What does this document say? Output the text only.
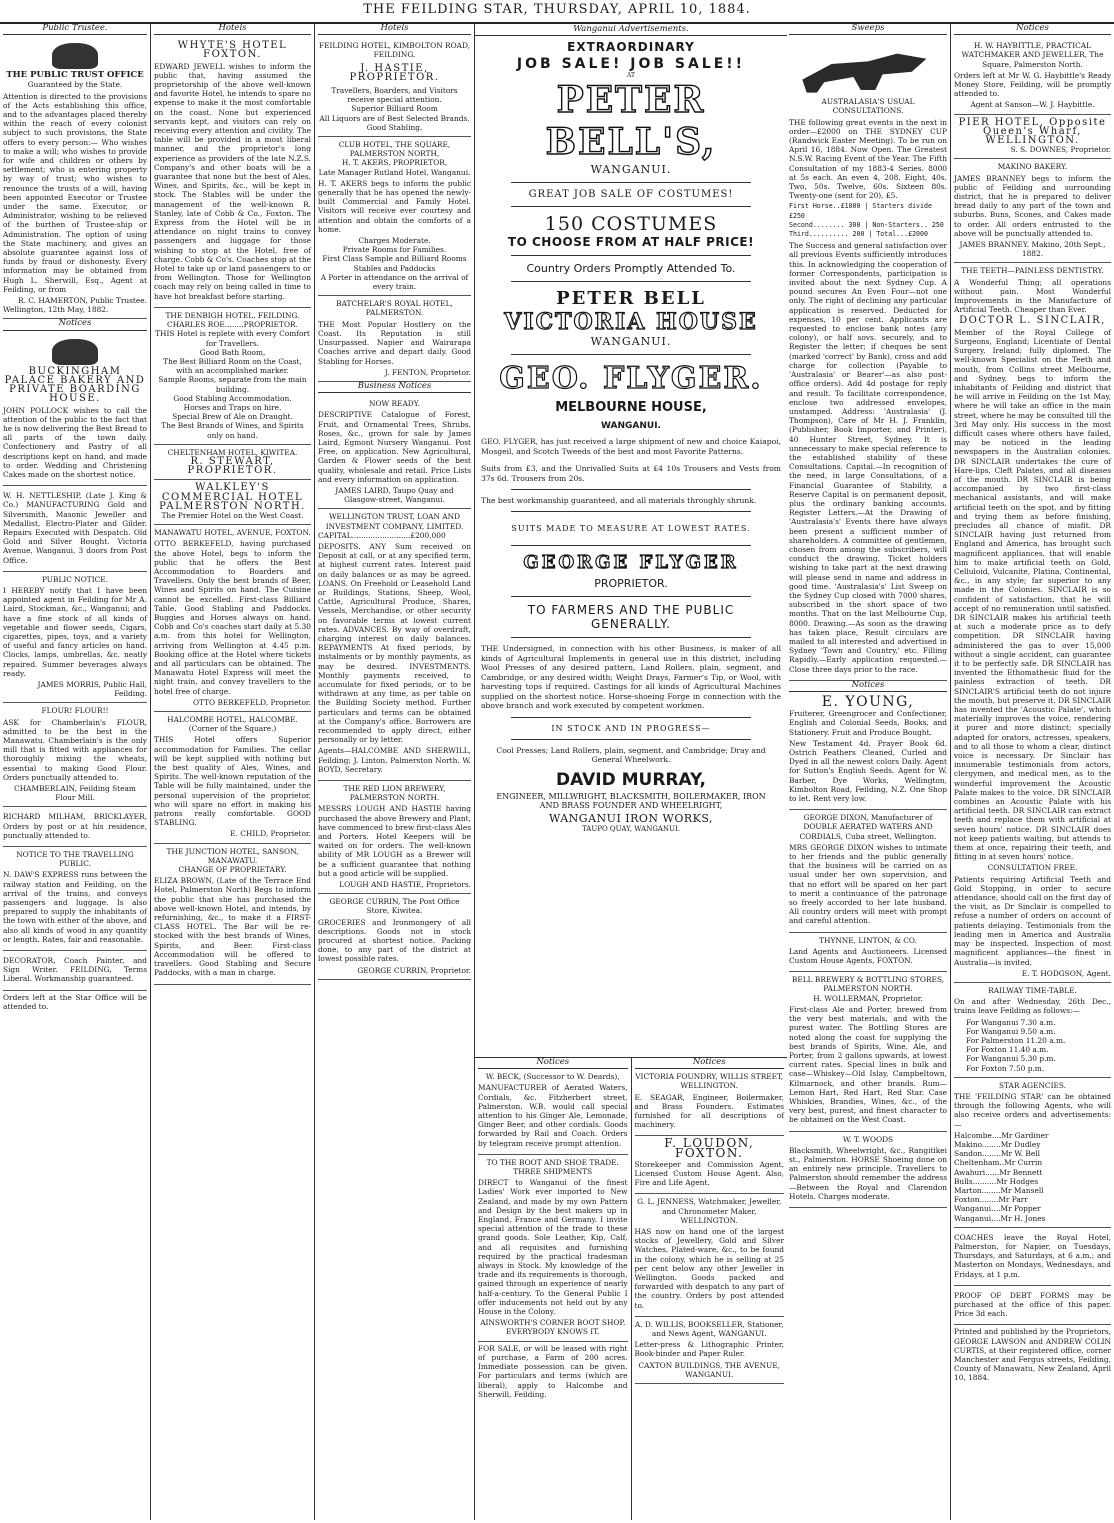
THE FEILDING STAR, THURSDAY, APRIL 10, 1884.
Public Trustee.
THE PUBLIC TRUST OFFICE
Guaranteed by the State.
Attention is directed to the provisions of the Acts establishing this office, and to the advantages placed thereby within the reach of every colonist subject to such provisions, the State offers to every person:— Who wishes to make a will; who wishes to provide for wife and children or others by settlement; who is entering property by way of trust; who wishes to renounce the trusts of a will, having been appointed Executor or Trustee under the same. Executor, or Administrator, wishing to be relieved of the burthen of Trustee-ship or Administration. The option of using the State machinery, and gives an absolute guarantee against loss of funds by fraud or dishonesty. Every information may be obtained from Hugh L. Sherwill, Esq., Agent at Feilding, or from
R. C. HAMERTON, Public Trustee.
Wellington, 12th May, 1882.
Notices
BUCKINGHAM PALACE BAKERY AND PRIVATE BOARDING HOUSE.
JOHN POLLOCK wishes to call the attention of the public to the fact that he is now delivering the Best Bread to all parts of the town daily. Confectionery and Pastry of all descriptions kept on hand, and made to order. Wedding and Christening Cakes made on the shortest notice.
W. H. NETTLESHIP, (Late J. King & Co.) MANUFACTURING Gold and Silversmith, Masonic Jeweller and Medallist, Electro-Plater and Gilder. Repairs Executed with Despatch. Old Gold and Silver Bought. Victoria Avenue, Wanganui, 3 doors from Post Office.
PUBLIC NOTICE.
I HEREBY notify that I have been appointed agent in Feilding for Mr A. Laird, Stockman, &c., Wanganui; and have a fine stock of all kinds of vegetable and flower seeds, Cigars, cigarettes, pipes, toys, and a variety of useful and fancy articles on hand. Clocks, lamps, umbrellas, &c. neatly repaired. Summer beverages always ready.
JAMES MORRIS, Public Hall, Feilding.
FLOUR! FLOUR!!
ASK for Chamberlain's FLOUR, admitted to be the best in the Manawatu. Chamberlain's is the only mill that is fitted with appliances for thoroughly mixing the wheats, essential to making Good Flour. Orders punctually attended to.
CHAMBERLAIN, Feilding Steam Flour Mill.
RICHARD MILHAM, BRICKLAYER, Orders by post or at his residence, punctually attended to.
NOTICE TO THE TRAVELLING PUBLIC.
N. DAW'S EXPRESS runs between the railway station and Feilding, on the arrival of the trains, and conveys passengers and luggage. Is also prepared to supply the inhabitants of the town with either of the above, and also all kinds of wood in any quantity or length. Rates, fair and reasonable.
DECORATOR, Coach Painter, and Sign Writer. FEILDING, Terms Liberal. Workmanship guaranteed.
Orders left at the Star Office will be attended to.
Hotels
WHYTE'S HOTEL FOXTON.
EDWARD JEWELL wishes to inform the public that, having assumed the proprietorship of the above well-known and favorite Hotel, he intends to spare no expense to make it the most comfortable on the coast. None but experienced servants kept, and visitors can rely on receiving every attention and civility. The table will be provided in a most liberal manner, and the proprietor's long experience as providers of the late N.Z.S. Company's and other boats will be a guarantee that none but the best of Ales, Wines, and Spirits, &c., will be kept in stock. The Stables will be under the management of the well-known R. Stanley, late of Cobb & Co., Foxton. The Express from the Hotel will be in attendance on night trains to convey passengers and luggage for those wishing to stop at the Hotel, free of charge. Cobb & Co's. Coaches stop at the Hotel to take up or land passengers to or from Wellington. Those for Wellington coach may rely on being called in time to have hot breakfast before starting.
THE DENBIGH HOTEL, FEILDING.
CHARLES ROE........PROPRIETOR.
THIS Hotel is replete with every Comfort for Travellers.
Good Bath Room,
The Best Billiard Room on the Coast, with an accomplished marker.
Sample Rooms, separate from the main building.
Good Stabling Accommodation.
Horses and Traps on hire.
Special Brew of Ale on Draught.
The Best Brands of Wines, and Spirits only on hand.
CHELTENHAM HOTEL, KIWITEA.
R. STEWART, PROPRIETOR.
WALKLEY'S COMMERCIAL HOTEL PALMERSTON NORTH.
The Premier Hotel on the West Coast.
MANAWATU HOTEL, AVENUE, FOXTON.
OTTO BERKEFELD, having purchased the above Hotel, begs to inform the public that he offers the Best Accommodation to Boarders and Travellers. Only the best brands of Beer, Wines and Spirits on hand. The Cuisine cannot be excelled. First-class Billiard Table. Good Stabling and Paddocks. Buggies and Horses always on hand. Cobb and Co's coaches start daily at 5.30 a.m. from this hotel for Wellington, arriving from Wellington at 4.45 p.m. Booking office at the Hotel where tickets and all particulars can be obtained. The Manawatu Hotel Express will meet the night train, and convey travellers to the hotel free of charge.
OTTO BERKEFELD, Proprietor.
HALCOMBE HOTEL, HALCOMBE. (Corner of the Square.)
THIS Hotel offers Superior accommodation for Families. The cellar will be kept supplied with nothing but the best quality of Ales, Wines, and Spirits. The well-known reputation of the Table will be fully maintained, under the personal supervision of the proprietor, who will spare no effort in making his patrons really comfortable. GOOD STABLING.
E. CHILD, Proprietor.
THE JUNCTION HOTEL, SANSON, MANAWATU.
CHANGE OF PROPRIETARY.
ELIZA BROWN, (Late of the Terrace End Hotel, Palmerston North) Begs to inform the public that she has purchased the above well-known Hotel, and intends, by refurnishing, &c., to make it a FIRST-CLASS HOTEL. The Bar will be re-stocked with the best brands of Wines, Spirits, and Beer. First-class Accommodation will be offered to travellers. Good Stabling and Secure Paddocks, with a man in charge.
Hotels
FEILDING HOTEL, KIMBOLTON ROAD, FEILDING.
J. HASTIE, PROPRIETOR.
Travellers, Boarders, and Visitors receive special attention.
Superior Billiard Room
All Liquors are of Best Selected Brands.
Good Stabling.
CLUB HOTEL, THE SQUARE, PALMERSTON NORTH,
H. T. AKERS, PROPRIETOR,
Late Manager Rutland Hotel, Wanganui.
H. T. AKERS begs to inform the public generally that he has opened the newly-built Commercial and Family Hotel. Visitors will receive ever courtesy and attention and obtain the comforts of a home.
Charges Moderate.
Private Rooms for Families.
First Class Sample and Billiard Rooms Stables and Paddocks
A Porter in attendance on the arrival of every train.
BATCHELAR'S ROYAL HOTEL, PALMERSTON.
THE Most Popular Hostlery on the Coast. Its Reputation is still Unsurpassed. Napier and Wairarapa Coaches arrive and depart daily. Good Stabling for Horses.
J. FENTON, Proprietor.
Business Notices
NOW READY.
DESCRIPTIVE Catalogue of Forest, Fruit, and Ornamental Trees, Shrubs, Roses, &c., grown for sale by James Laird, Egmont Nursery Wanganui. Post Free, on application. New Agricultural, Garden & Flower seeds of the best quality, wholesale and retail. Price Lists and every information on application.
JAMES LAIRD, Taupo Quay and Glasgow-street, Wanganui.
WELLINGTON TRUST, LOAN AND INVESTMENT COMPANY, LIMITED.
CAPITAL.........................£200,000
DEPOSITS. ANY Sum received on Deposit at call, or at any specified term, at highest current rates. Interest paid on daily balances or as may be agreed. LOANS. On Freehold or Leasehold Land or Buildings, Stations, Sheep, Wool, Cattle, Agricultural Produce, Shares, Vessels, Merchandise, or other security on favorable terms at lowest current rates. ADVANCES. By way of overdraft, charging interest on daily balances. REPAYMENTS At fixed periods, by instalments or by monthly payments, as may be desired. INVESTMENTS. Monthly payments received, to accumulate for fixed periods, or to be withdrawn at any time, as per table on the Building Society method. Further particulars and terms can be obtained at the Company's office. Borrowers are recommended to apply direct, either personally or by letter.
Agents—HALCOMBE AND SHERWILL, Feilding; J. Linton, Palmerston North. W. BOYD, Secretary.
THE RED LION BREWERY, PALMERSTON NORTH.
MESSRS LOUGH AND HASTIE having purchased the above Brewery and Plant, have commenced to brew first-class Ales and Porters. Hotel Keepers will be waited on for orders. The well-known ability of MR LOUGH as a Brewer will be a sufficient guarantee that nothing but a good article will be supplied.
LOUGH AND HASTIE, Proprietors.
GEORGE CURRIN, The Post Office Store, Kiwitea.
GROCERIES and Ironmongery of all descriptions. Goods not in stock procured at shortest notice. Packing done, to any part of the district at lowest possible rates.
GEORGE CURRIN, Proprietor.
Wanganui Advertisements.
EXTRAORDINARY
JOB SALE! JOB SALE!!
AT
PETER BELL'S,
WANGANUI.
GREAT JOB SALE OF COSTUMES!
150 COSTUMES
TO CHOOSE FROM AT HALF PRICE!
Country Orders Promptly Attended To.
PETER BELL
VICTORIA HOUSE
WANGANUI.
GEO. FLYGER.
MELBOURNE HOUSE,
WANGANUI.
GEO. FLYGER, has just received a large shipment of new and choice Kaiapoi, Mosgeil, and Scotch Tweeds of the best and most Favorite Patterns.
Suits from £3, and the Unrivalled Suits at £4 10s Trousers and Vests from 37s 6d. Trousers from 20s.
The best workmanship guaranteed, and all materials throughly shrunk.
SUITS MADE TO MEASURE AT LOWEST RATES.
GEORGE FLYGER
PROPRIETOR.
TO FARMERS AND THE PUBLIC GENERALLY.
THE Undersigned, in connection with his other Business, is maker of all kinds of Agricultural Implements in general use in this district, including Wool Presses of any desired pattern, Land Rollers, plain, segment, and Cambridge, or any desired width; Weight Drays, Farmer's Tip, or Wool, with harvesting tops if required. Castings for all kinds of Agricultural Machines supplied on the shortest notice. Horse-shoeing Forge in connection with the above branch and work executed by competent workmen.
IN STOCK AND IN PROGRESS—
Cool Presses; Land Rollers, plain, segment, and Cambridge; Dray and General Wheelwork.
DAVID MURRAY,
ENGINEER, MILLWRIGHT, BLACKSMITH, BOILERMAKER, IRON AND BRASS FOUNDER AND WHEELRIGHT,
WANGANUI IRON WORKS,
TAUPO QUAY, WANGANUI.
Notices
W. BECK, (Successor to W. Deards),
MANUFACTURER of Aerated Waters, Cordials, &c. Fitzherbert street, Palmerston. W.B. would call special attention to his Ginger Ale, Lemonade, Ginger Beer, and other cordials. Goods forwarded by Rail and Coach. Orders by telegram receive prompt attention.
TO THE BOOT AND SHOE TRADE.
THREE SHIPMENTS
DIRECT to Wanganui of the finest Ladies' Work ever imported to New Zealand, and made by my own Pattern and Design by the best makers up in England, France and Germany. I invite special attention of the trade to these grand goods. Sole Leather, Kip, Calf, and all requisites and furnishing required by the practical tradesman always in Stock. My knowledge of the trade and its requirements is thorough, gained through an experience of nearly half-a-century. To the General Public I offer inducements not held out by any House in the Colony.
AINSWORTH'S CORNER BOOT SHOP. EVERYBODY KNOWS IT.
FOR SALE, or will be leased with right of purchase, a Farm of 200 acres. Immediate possession can be given. For particulars and terms (which are liberal), apply to Halcombe and Sherwill, Feilding.
Notices
VICTORIA FOUNDRY, WILLIS STREET, WELLINGTON.
E. SEAGAR, Engineer, Boilermaker, and Brass Founders. Estimates furnished for all descriptions of machinery.
F. LOUDON, FOXTON.
Storekeeper and Commission Agent, Licensed Custom House Agent. Also, Fire and Life Agent.
G. L. JENNESS, Watchmaker, Jeweller, and Chronometer Maker, WELLINGTON.
HAS now on hand one of the largest stocks of Jewellery, Gold and Silver Watches, Plated-ware, &c., to be found in the colony, which he is selling at 25 per cent below any other Jeweller in Wellington. Goods packed and forwarded with despatch to any part of the country. Orders by post attended to.
A. D. WILLIS, BOOKSELLER, Stationer, and News Agent, WANGANUI.
Letter-press & Lithographic Printer, Book-binder and Paper Ruler.
CAXTON BUILDINGS, THE AVENUE, WANGANUI.
Sweeps
AUSTRALASIA'S USUAL CONSULTATIONS.
THE following great events in the next in order—£2000 on THE SYDNEY CUP (Randwick Easter Meeting). To be run on April 16, 1884. Now Open. The Greatest N.S.W. Racing Event of the Year. The Fifth Consultation of my 1883-4 Series. 8000 at 5s each. An even 4, 208. Eight, 40s. Two, 50s. Twelve, 60s. Sixteen 80s. Twenty-one (sent for 20), £5.
First Horse..£1000 | Starters divide £250
Second........ 300 | Non-Starters.. 250
Third.......... 200 | Total...£2000
The Success and general satisfaction over all previous Events sufficiently introduces this. In acknowledging the cooperation of former Correspondents, participation is invited about the next Sydney Cup. A pound secures An Even Four—not one only. The right of declining any particular application is reserved. Deducted for expenses, 10 per cent. Applicants are requested to enclose bank notes (any colony), or half sovs. securely, and to Register the letter; if cheques be sent (marked 'correct' by Bank), cross and add charge for collection (Payable to 'Australasia' or Bearer'—as also post-office orders). Add 4d postage for reply and result. To facilitate correspondence, enclose two addressed envelopes, unstamped. Address: 'Australasia' (J. Thompson), Care of Mr H. J. Franklin, (Publisher, Book Importer, and Printer), 40 Hunter Street, Sydney. It is unnecessary to make special reference to the established stability of these Consultations. Capital.—In recognition of the need, in large Consultations, of a Financial Guarantee of Stability, a Reserve Capital is on permanent deposit, plus the ordinary banking accounts. Register Letters.—At the Drawing of 'Australasia's' Events there have always been present a sufficient number of shareholders. A committee of gentlemen, chosen from among the subscribers, will conduct the drawing. Ticket holders wishing to take part at the next drawing will please send in name and address in good time. 'Australasia's' List Sweep on the Sydney Cup closed with 7000 shares, subscribed in the short space of two months. That on the last Melbourne Cup, 8000. Drawing.—As soon as the drawing has taken place, Result circulars are mailed to all interested and advertised in Sydney 'Town and Country,' etc. Filling Rapidly.—Early application requested.—Close three days prior to the race.
Notices
E. YOUNG,
Fruiterer, Greengrocer and Confectioner, English and Colonial Seeds, Books, and Stationery. Fruit and Produce Bought.
New Testament 4d, Prayer Book 6d. Ostrich Feathers Cleaned, Curled and Dyed in all the newest colors Daily. Agent for Sutton's English Seeds. Agent for W. Barber, Dye Works, Wellington, Kimbolton Road, Feilding, N.Z. One Shop to let. Rent very low.
GEORGE DIXON, Manufacturer of DOUBLE AERATED WATERS AND CORDIALS, Cuba street, Wellington.
MRS GEORGE DIXON wishes to intimate to her friends and the public generally that the business will be carried on as usual under her own supervision, and that no effort will be spared on her part to merit a continuance of the patronage so freely accorded to her late husband. All country orders will meet with prompt and careful attention.
THYNNE, LINTON, & CO.
Land Agents and Auctioneers. Licensed Custom House Agents, FOXTON.
BELL BREWERY & BOTTLING STORES, PALMERSTON NORTH.
H. WOLLERMAN, Proprietor.
First-class Ale and Porter, brewed from the very best materials, and with the purest water. The Bottling Stores are noted along the coast for supplying the best brands of Spirits, Wine, Ale, and Porter, from 2 gallons upwards, at lowest current rates. Special lines in bulk and case—Whiskey—Old Islay, Campbeltown, Kilmarnock, and other brands. Rum—Lemon Hart, Red Hart, Red Star. Case Whiskies, Brandies, Wines, &c., of the very best, purest, and finest character to be obtained on the West Coast.
W. T. WOODS
Blacksmith, Wheelwright, &c., Rangitikei st., Palmerston. HORSE Shoeing done on an entirely new principle. Travellers to Palmerston should remember the address—Between the Royal and Clarendon Hotels. Charges moderate.
Notices
H. W. HAYBITTLE, PRACTICAL WATCHMAKER AND JEWELLER, The Square, Palmerston North.
Orders left at Mr W. G. Haybittle's Ready Money Store, Feilding, will be promptly attended to.
Agent at Sanson—W. J. Haybittle.
PIER HOTEL, Opposite Queen's Wharf, WELLINGTON.
S. S. DOWNES, Proprietor.
MAKINO BAKERY.
JAMES BRANNEY begs to inform the public of Feilding and surrounding district, that he is prepared to deliver bread daily to any part of the town and suburbs. Buns, Scones, and Cakes made to order. All orders entrusted to the above will be punctually attended to.
JAMES BRANNEY. Makino, 20th Sept., 1882.
THE TEETH—PAINLESS DENTISTRY.
A Wonderful Thing; all operations without pain. Most Wonderful Improvements in the Manufacture of Artificial Teeth. Cheaper than Ever.
DOCTOR L. SINCLAIR,
Member of the Royal College of Surgeons, England; Licentiate of Dental Surgery, Ireland; fully diplomed. The well-known Specialist on the Teeth and mouth, from Collins street Melbourne, and Sydney, begs to inform the inhabitants of Feilding and district that he will arrive in Feilding on the 1st May, where he will take an office in the main street, where he may be consulted till the 3rd May only. His success in the most difficult cases where others have failed, may be noticed in the leading newspapers in the Australian colonies. DR SINCLAIR undertakes the cure of Hare-lips, Cleft Palates, and all diseases of the mouth. DR SINCLAIR is being accompanied by two first-class mechanical assistants, and will make artificial teeth on the spot, and by fitting and trying them as before finishing, precludes all chance of misfit. DR SINCLAIR having just returned from England and America, has brought such magnificent appliances, that will enable him to make artificial teeth on Gold, Celluloid, Vulcanite, Platina, Continental, &c., in any style; far superior to any made in the Colonies. SINCLAIR is so confident of satisfaction, that he will accept of no remuneration until satisfied. DR SINCLAIR makes his artificial teeth at such a moderate price as to defy competition. DR SINCLAIR having administered the gas to over 15,000 without a single accident, can guarantee it to be perfectly safe. DR SINCLAIR has invented the Ethomathesic fluid for the painless extraction of teeth. DR SINCLAIR'S artificial teeth do not injure the mouth, but preserve it. DR SINCLAIR has invented the 'Acoustic Palate', which materially improves the voice, rendering it purer and more distinct; specially adapted for orators, actresses, speakers, and to all those to whom a clear, distinct voice is necessary. Dr Sinclair has innumerable testimonials from actors, clergymen, and medical men, as to the wonderful improvement the Acoustic Palate makes to the voice. DR SINCLAIR combines an Acoustic Palate with his artificial teeth. DR SINCLAIR can extract teeth and replace them with artificial at seven hours' notice. DR SINCLAIR does not keep patients waiting, but attends to them at once, repairing their teeth, and fitting in at seven hours' notice.
CONSULTATION FREE.
Patients requiring Artificial Teeth and Gold Stopping, in order to secure attendance, should call on the first day of the visit, as Dr Sinclair is compelled to refuse a number of orders on account of patients delaying. Testimonials from the leading men in America and Australia may be inspected. Inspection of most magnificent appliances—the finest in Australia—is invited.
E. T. HODGSON, Agent.
RAILWAY TIME-TABLE.
On and after Wednesday, 26th Dec., trains leave Feilding as follows:—
For Wanganui 7.30 a.m.
For Wanganui 9.50 a.m.
For Palmerston 11.20 a.m.
For Foxton 11.40 a.m.
For Wanganui 5.30 p.m.
For Foxton 7.50 p.m.
STAR AGENCIES.
THE 'FEILDING STAR' can be obtained through the following Agents, who will also receive orders and advertisements:—
Halcombe....Mr Gardiner
Makino........Mr Dudley
Sandon........Mr W. Bell
Cheltenham..Mr Currin
Awahuri......Mr Bennett
Bulls..........Mr Hodges
Marton........Mr Mansell
Foxton........Mr Parr
Wanganui....Mr Popper
Wanganui....Mr H. Jones
COACHES leave the Royal Hotel, Palmerston, for Napier, on Tuesdays, Thursdays, and Saturdays, at 6 a.m.; and Masterton on Mondays, Wednesdays, and Fridays, at 1 p.m.
PROOF OF DEBT FORMS may be purchased at the office of this paper. Price 3d each.
Printed and published by the Proprietors, GEORGE LAWSON and ANDREW COLIN CURTIS, at their registered office, corner Manchester and Fergus streets, Feilding, County of Manawatu, New Zealand, April 10, 1884.
